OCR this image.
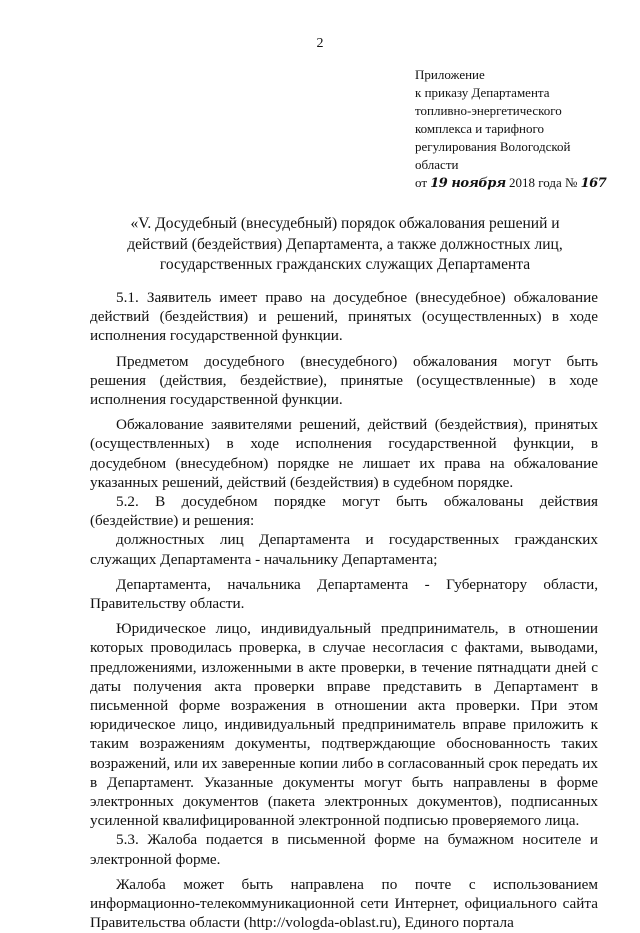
2
Приложение
к приказу Департамента
топливно-энергетического
комплекса и тарифного
регулирования Вологодской
области
от 19 ноября 2018 года № 167
«V. Досудебный (внесудебный) порядок обжалования решений и действий (бездействия) Департамента, а также должностных лиц, государственных гражданских служащих Департамента

5.1. Заявитель имеет право на досудебное (внесудебное) обжалование действий (бездействия) и решений, принятых (осуществленных) в ходе исполнения государственной функции.

Предметом досудебного (внесудебного) обжалования могут быть решения (действия, бездействие), принятые (осуществленные) в ходе исполнения государственной функции.

Обжалование заявителями решений, действий (бездействия), принятых (осуществленных) в ходе исполнения государственной функции, в досудебном (внесудебном) порядке не лишает их права на обжалование указанных решений, действий (бездействия) в судебном порядке.

5.2. В досудебном порядке могут быть обжалованы действия (бездействие) и решения:

должностных лиц Департамента и государственных гражданских служащих Департамента - начальнику Департамента;

Департамента, начальника Департамента - Губернатору области, Правительству области.

Юридическое лицо, индивидуальный предприниматель, в отношении которых проводилась проверка, в случае несогласия с фактами, выводами, предложениями, изложенными в акте проверки, в течение пятнадцати дней с даты получения акта проверки вправе представить в Департамент в письменной форме возражения в отношении акта проверки. При этом юридическое лицо, индивидуальный предприниматель вправе приложить к таким возражениям документы, подтверждающие обоснованность таких возражений, или их заверенные копии либо в согласованный срок передать их в Департамент. Указанные документы могут быть направлены в форме электронных документов (пакета электронных документов), подписанных усиленной квалифицированной электронной подписью проверяемого лица.

5.3. Жалоба подается в письменной форме на бумажном носителе и электронной форме.

Жалоба может быть направлена по почте с использованием информационно-телекоммуникационной сети Интернет, официального сайта Правительства области (http://vologda-oblast.ru), Единого портала
